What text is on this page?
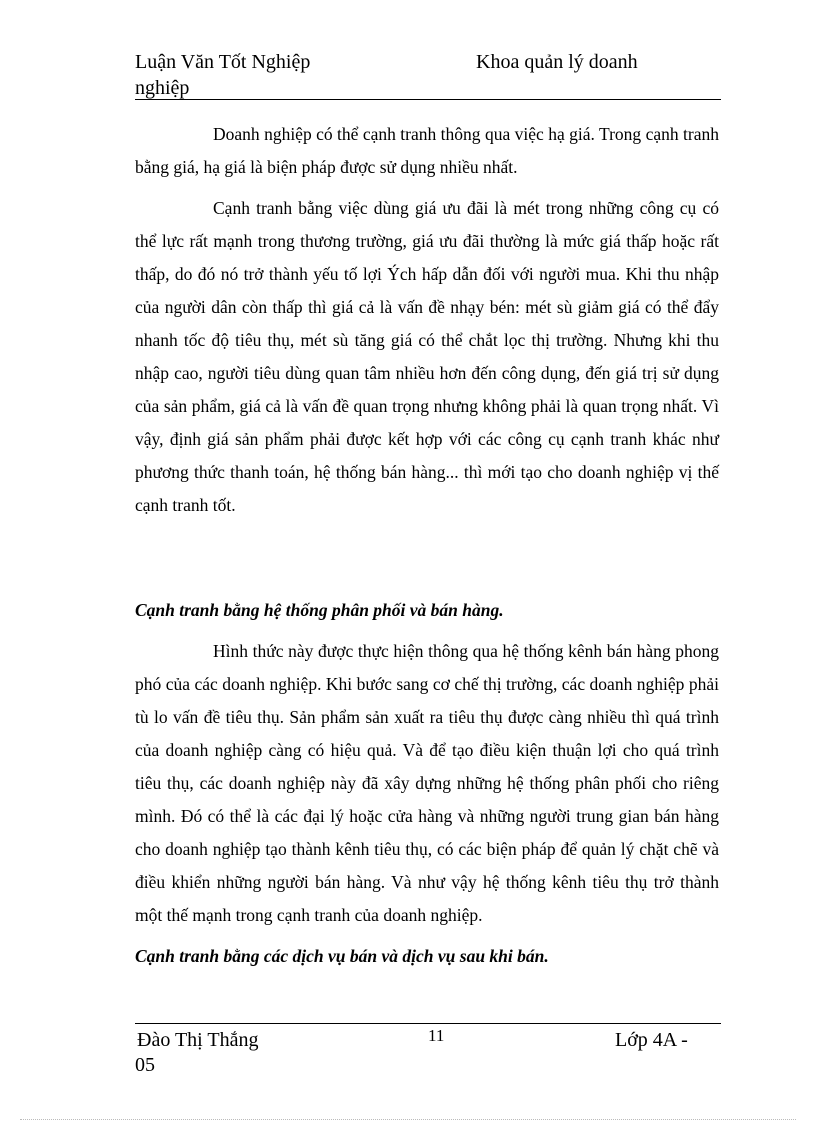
Luận Văn Tốt Nghiệp	Khoa quản lý doanh
nghiệp

Doanh nghiệp có thể cạnh tranh thông qua việc hạ giá. Trong cạnh tranh bằng giá, hạ giá là biện pháp được sử dụng nhiều nhất.

Cạnh tranh bằng việc dùng giá ưu đãi là mét trong những công cụ có thể lực rất mạnh trong thương trường, giá ưu đãi thường là mức giá thấp hoặc rất thấp, do đó nó trở thành yếu tố lợi Ých hấp dẫn đối với người mua. Khi thu nhập của người dân còn thấp thì giá cả là vấn đề nhạy bén: mét sù giảm giá có thể đẩy nhanh tốc độ tiêu thụ, mét sù tăng giá có thể chắt lọc thị trường. Nhưng khi thu nhập cao, người tiêu dùng quan tâm nhiều hơn đến công dụng, đến giá trị sử dụng của sản phẩm, giá cả là vấn đề quan trọng nhưng không phải là quan trọng nhất. Vì vậy, định giá sản phẩm phải được kết hợp với các công cụ cạnh tranh khác như phương thức thanh toán, hệ thống bán hàng... thì mới tạo cho doanh nghiệp vị thế cạnh tranh tốt.

Cạnh tranh bằng hệ thống phân phối và bán hàng.

Hình thức này được thực hiện thông qua hệ thống kênh bán hàng phong phó của các doanh nghiệp. Khi bước sang cơ chế thị trường, các doanh nghiệp phải tù lo vấn đề tiêu thụ. Sản phẩm sản xuất ra tiêu thụ được càng nhiều thì quá trình của doanh nghiệp càng có hiệu quả. Và để tạo điều kiện thuận lợi cho quá trình tiêu thụ, các doanh nghiệp này đã xây dựng những hệ thống phân phối cho riêng mình. Đó có thể là các đại lý hoặc cửa hàng và những người trung gian bán hàng cho doanh nghiệp tạo thành kênh tiêu thụ, có các biện pháp để quản lý chặt chẽ và điều khiển những người bán hàng. Và như vậy hệ thống kênh tiêu thụ trở thành một thế mạnh trong cạnh tranh của doanh nghiệp.

Cạnh tranh bằng các dịch vụ bán và dịch vụ sau khi bán.

Đào Thị Thắng	11	Lớp 4A -
05
